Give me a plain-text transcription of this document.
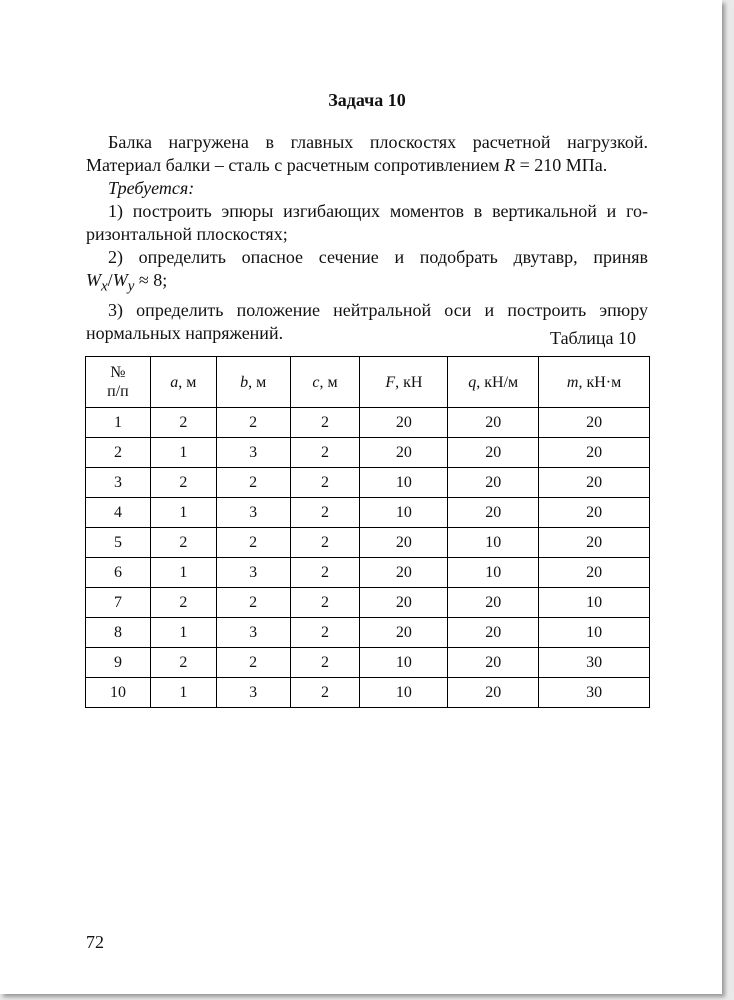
Задача 10

Балка нагружена в главных плоскостях расчетной нагрузкой.

Материал балки – сталь с расчетным сопротивлением R = 210 МПа.

Требуется:

1) построить эпюры изгибающих моментов в вертикальной и го-

ризонтальной плоскостях;

2) определить опасное сечение и подобрать двутавр, приняв

$W_x/W_y \approx 8$;

3) определить положение нейтральной оси и построить эпюру

нормальных напряжений.	Таблица 10
№
п/п	a, м	b, м	c, м	F, кН	q, кН/м	m, кН·м
1	2	2	2	20	20	20
2	1	3	2	20	20	20
3	2	2	2	10	20	20
4	1	3	2	10	20	20
5	2	2	2	20	10	20
6	1	3	2	20	10	20
7	2	2	2	20	20	10
8	1	3	2	20	20	10
9	2	2	2	10	20	30
10	1	3	2	10	20	30
72
